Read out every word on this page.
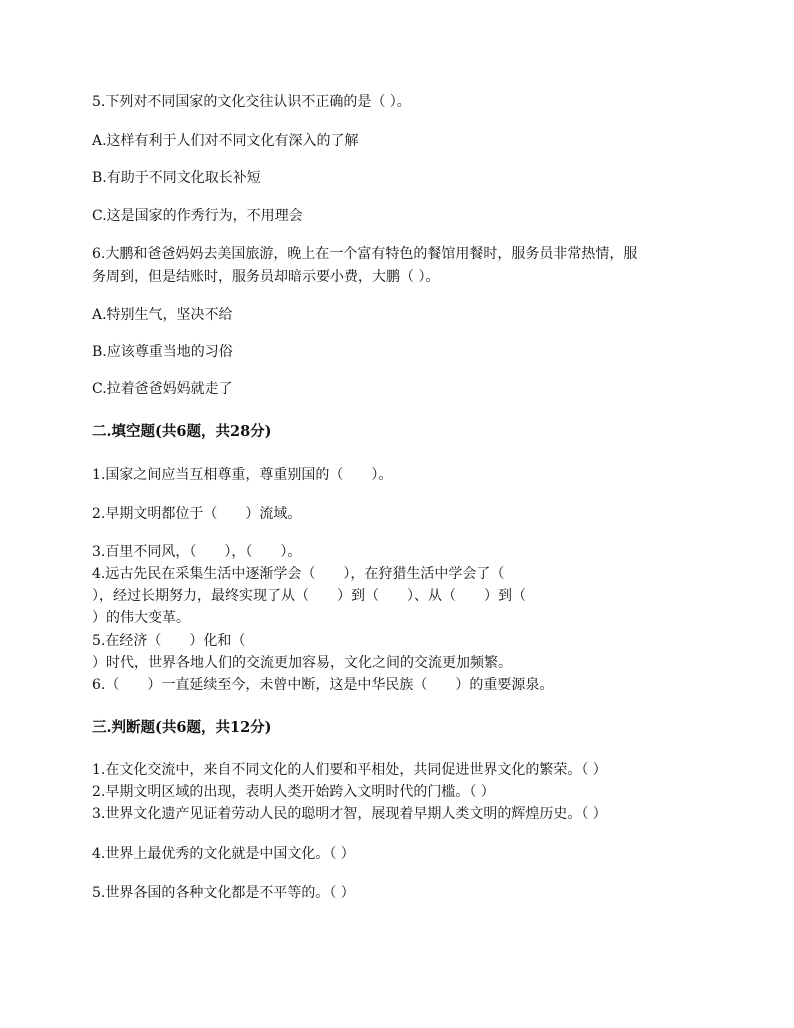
5.下列对不同国家的文化交往认识不正确的是（ ）。
A.这样有利于人们对不同文化有深入的了解
B.有助于不同文化取长补短
C.这是国家的作秀行为，不用理会
6.大鹏和爸爸妈妈去美国旅游，晚上在一个富有特色的餐馆用餐时，服务员非常热情，服
务周到，但是结账时，服务员却暗示要小费，大鹏（ ）。
A.特别生气，坚决不给
B.应该尊重当地的习俗
C.拉着爸爸妈妈就走了
二.填空题(共6题，共28分)
1.国家之间应当互相尊重，尊重别国的（　　）。
2.早期文明都位于（　　）流域。
3.百里不同风，（　　），（　　）。
4.远古先民在采集生活中逐渐学会（　　），在狩猎生活中学会了（
），经过长期努力，最终实现了从（　　）到（　　）、从（　　）到（
）的伟大变革。
5.在经济（　　）化和（
）时代，世界各地人们的交流更加容易，文化之间的交流更加频繁。
6.（　　）一直延续至今，未曾中断，这是中华民族（　　）的重要源泉。
三.判断题(共6题，共12分)
1.在文化交流中，来自不同文化的人们要和平相处，共同促进世界文化的繁荣。（ ）
2.早期文明区域的出现，表明人类开始跨入文明时代的门槛。（ ）
3.世界文化遗产见证着劳动人民的聪明才智，展现着早期人类文明的辉煌历史。（ ）
4.世界上最优秀的文化就是中国文化。（ ）
5.世界各国的各种文化都是不平等的。（ ）
